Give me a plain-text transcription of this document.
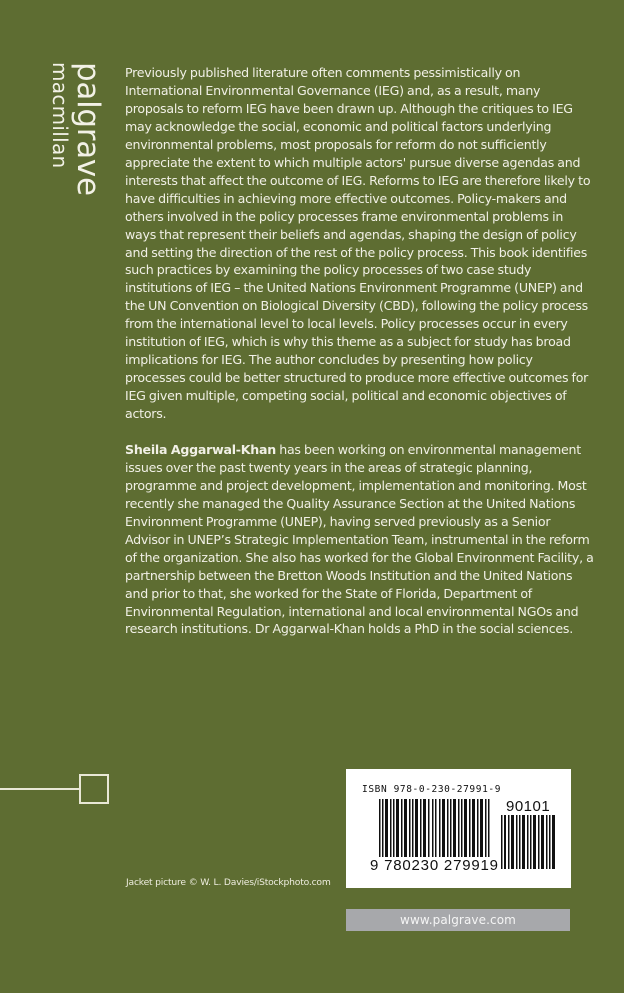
palgrave
macmillan	Previously published literature often comments pessimistically on International Environmental Governance (IEG) and, as a result, many proposals to reform IEG have been drawn up. Although the critiques to IEG may acknowledge the social, economic and political factors underlying environmental problems, most proposals for reform do not sufficiently appreciate the extent to which multiple actors' pursue diverse agendas and interests that affect the outcome of IEG. Reforms to IEG are therefore likely to have difficulties in achieving more effective outcomes. Policy-makers and others involved in the policy processes frame environmental problems in ways that represent their beliefs and agendas, shaping the design of policy and setting the direction of the rest of the policy process. This book identifies such practices by examining the policy processes of two case study institutions of IEG – the United Nations Environment Programme (UNEP) and the UN Convention on Biological Diversity (CBD), following the policy process from the international level to local levels. Policy processes occur in every institution of IEG, which is why this theme as a subject for study has broad implications for IEG. The author concludes by presenting how policy processes could be better structured to produce more effective outcomes for IEG given multiple, competing social, political and economic objectives of actors.

Sheila Aggarwal-Khan has been working on environmental management issues over the past twenty years in the areas of strategic planning, programme and project development, implementation and monitoring. Most recently she managed the Quality Assurance Section at the United Nations Environment Programme (UNEP), having served previously as a Senior Advisor in UNEP’s Strategic Implementation Team, instrumental in the reform of the organization. She also has worked for the Global Environment Facility, a partnership between the Bretton Woods Institution and the United Nations and prior to that, she worked for the State of Florida, Department of Environmental Regulation, international and local environmental NGOs and research institutions. Dr Aggarwal-Khan holds a PhD in the social sciences.

ISBN 978-0-230-27991-9
90101
9 780230 279919
Jacket picture © W. L. Davies/iStockphoto.com
www.palgrave.com
